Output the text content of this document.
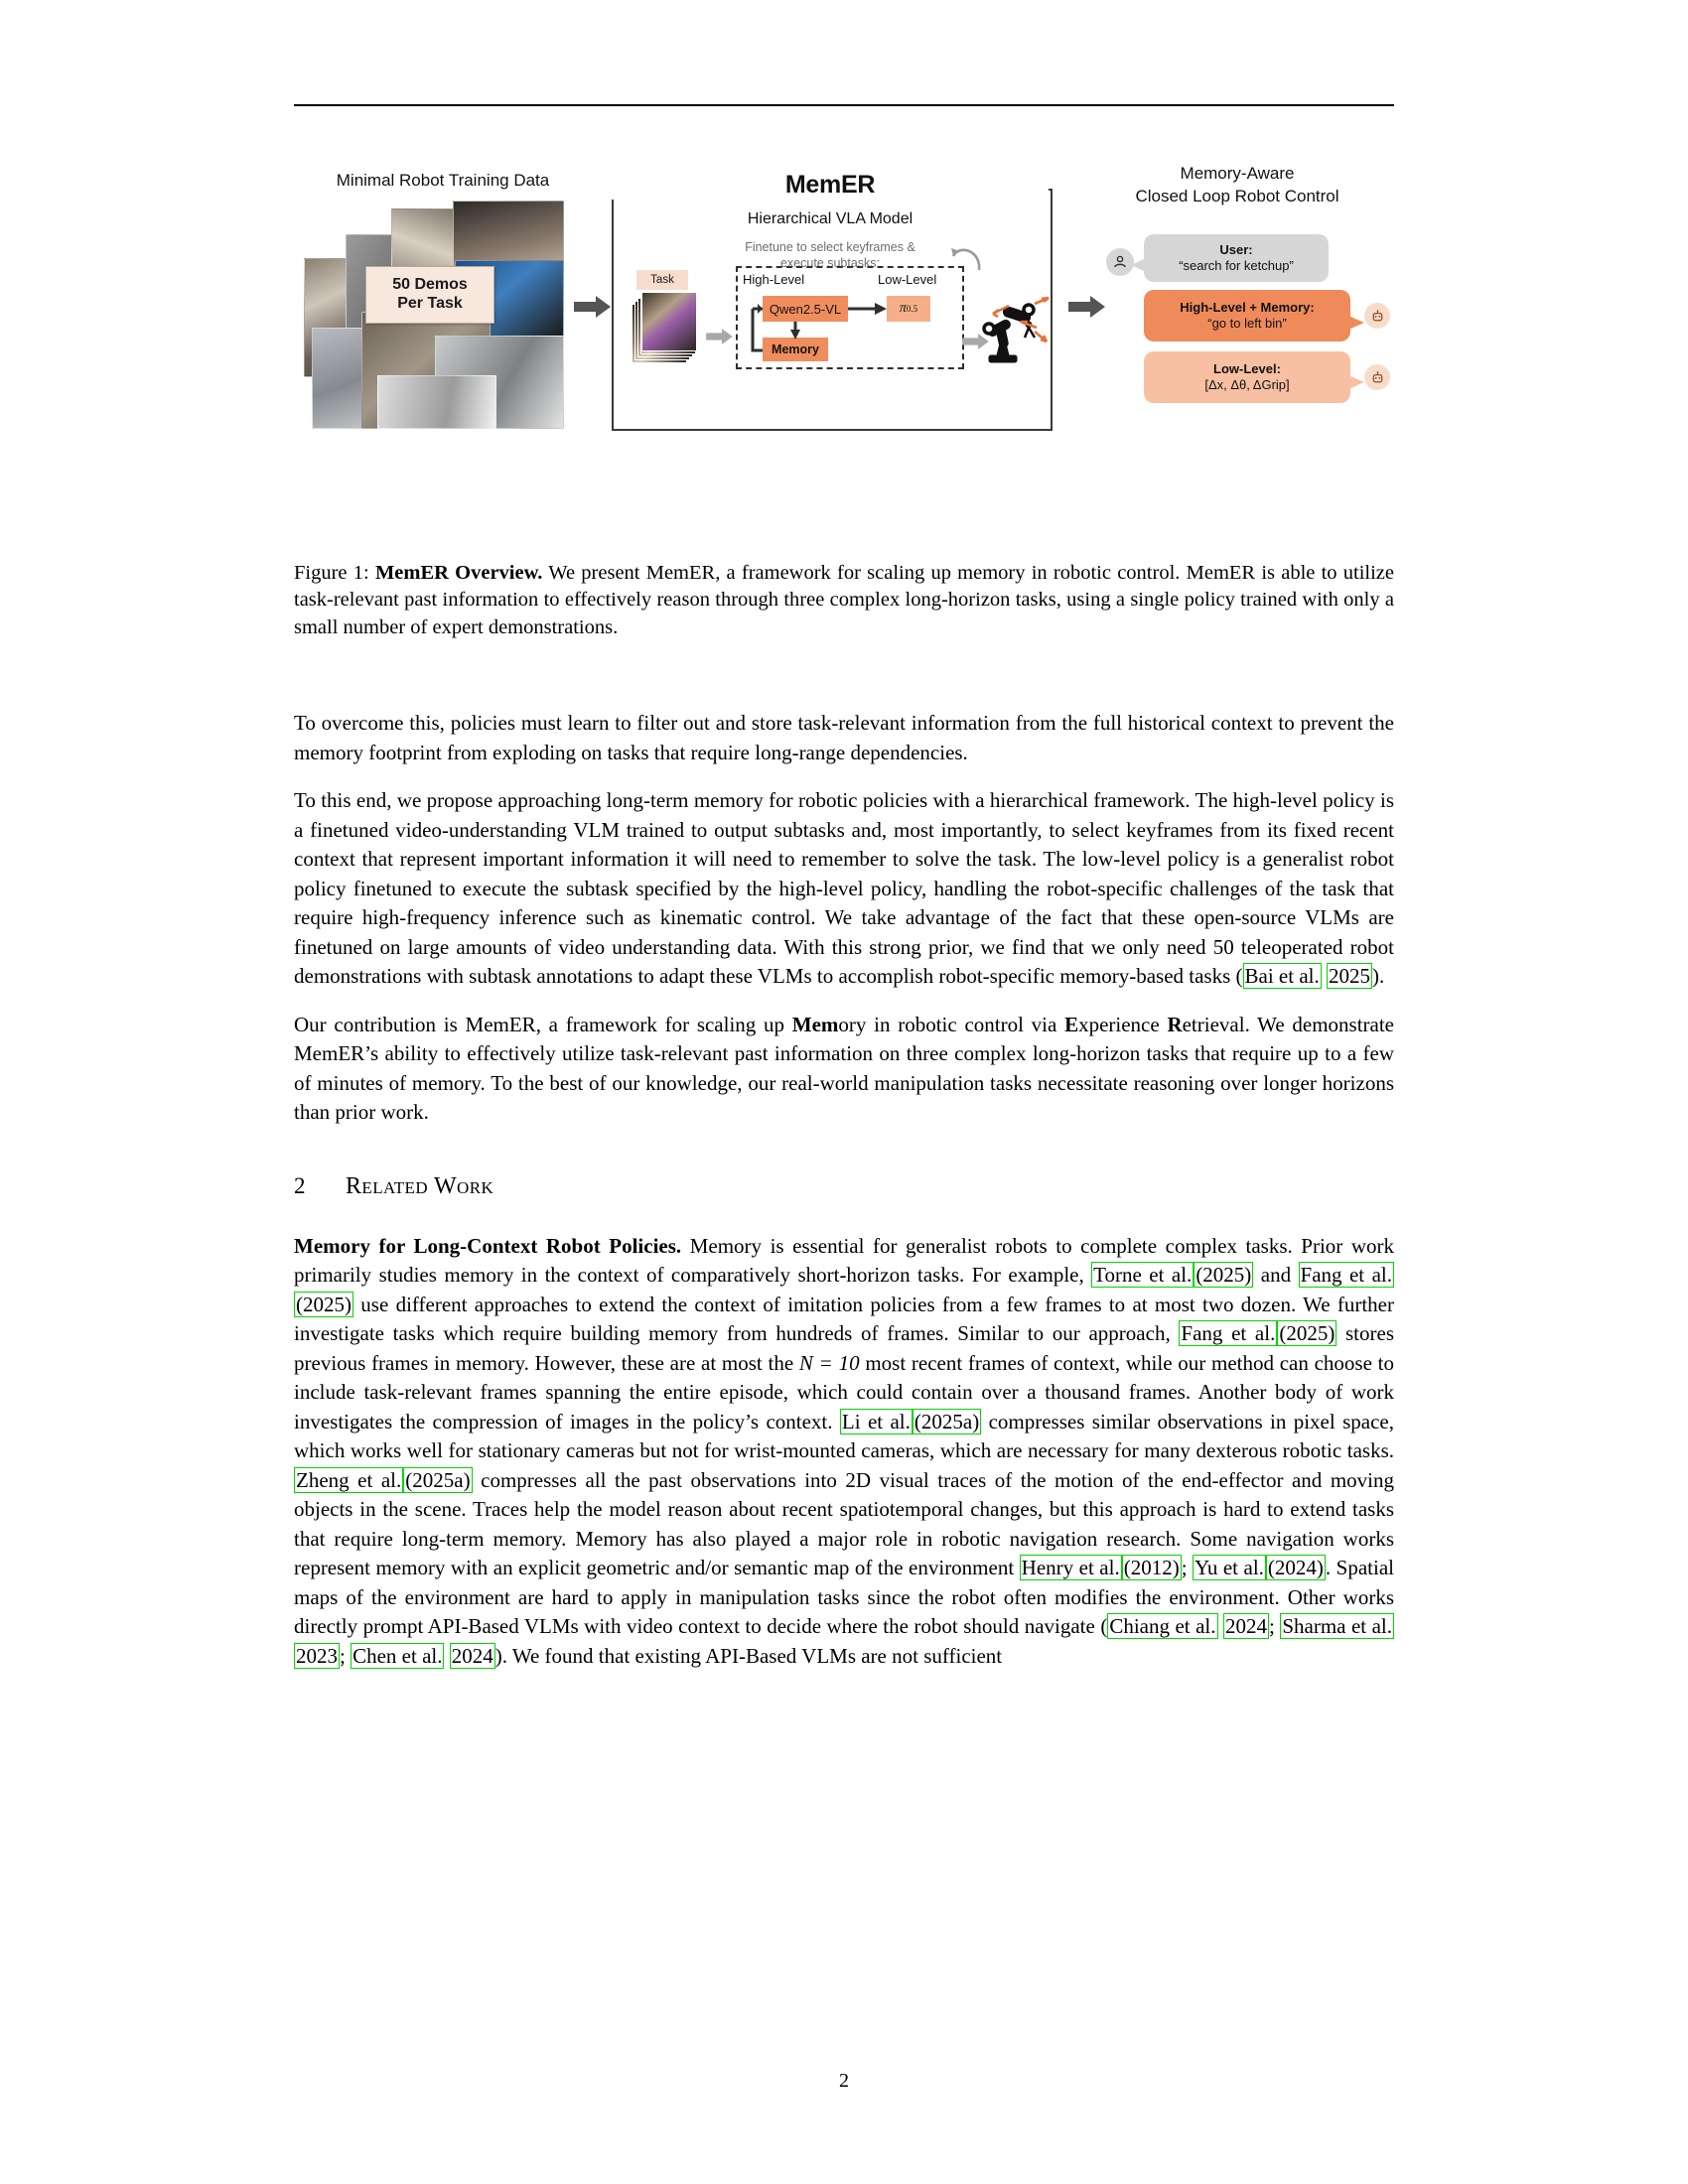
Minimal Robot Training Data
50 Demos
Per Task
MemER
Hierarchical VLA Model
Finetune to select keyframes &
execute subtasks:
Task	High-Level	Low-Level
Qwen2.5-VL
Memory
π 0.5
Memory-Aware
Closed Loop Robot Control
User:
“search for ketchup”
High-Level + Memory:
“go to left bin”
Low-Level:
[Δx, Δθ, ΔGrip]
Figure 1: MemER Overview. We present MemER, a framework for scaling up memory in robotic control. MemER is able to utilize task-relevant past information to effectively reason through three complex long-horizon tasks, using a single policy trained with only a small number of expert demonstrations.

To overcome this, policies must learn to filter out and store task-relevant information from the full historical context to prevent the memory footprint from exploding on tasks that require long-range dependencies.

To this end, we propose approaching long-term memory for robotic policies with a hierarchical framework. The high-level policy is a finetuned video-understanding VLM trained to output subtasks and, most importantly, to select keyframes from its fixed recent context that represent important information it will need to remember to solve the task. The low-level policy is a generalist robot policy finetuned to execute the subtask specified by the high-level policy, handling the robot-specific challenges of the task that require high-frequency inference such as kinematic control. We take advantage of the fact that these open-source VLMs are finetuned on large amounts of video understanding data. With this strong prior, we find that we only need 50 teleoperated robot demonstrations with subtask annotations to adapt these VLMs to accomplish robot-specific memory-based tasks (Bai et al. 2025).

Our contribution is MemER, a framework for scaling up Memory in robotic control via Experience Retrieval. We demonstrate MemER’s ability to effectively utilize task-relevant past information on three complex long-horizon tasks that require up to a few of minutes of memory. To the best of our knowledge, our real-world manipulation tasks necessitate reasoning over longer horizons than prior work.

2	Related Work

Memory for Long-Context Robot Policies. Memory is essential for generalist robots to complete complex tasks. Prior work primarily studies memory in the context of comparatively short-horizon tasks. For example, Torne et al. (2025) and Fang et al.(2025) use different approaches to extend the context of imitation policies from a few frames to at most two dozen. We further investigate tasks which require building memory from hundreds of frames. Similar to our approach, Fang et al. (2025) stores previous frames in memory. However, these are at most the N = 10 most recent frames of context, while our method can choose to include task-relevant frames spanning the entire episode, which could contain over a thousand frames. Another body of work investigates the compression of images in the policy’s context. Li et al. (2025a) compresses similar observations in pixel space, which works well for stationary cameras but not for wrist-mounted cameras, which are necessary for many dexterous robotic tasks. Zheng et al. (2025a) compresses all the past observations into 2D visual traces of the motion of the end-effector and moving objects in the scene. Traces help the model reason about recent spatiotemporal changes, but this approach is hard to extend tasks that require long-term memory. Memory has also played a major role in robotic navigation research. Some navigation works represent memory with an explicit geometric and/or semantic map of the environment Henry et al. (2012); Yu et al. (2024). Spatial maps of the environment are hard to apply in manipulation tasks since the robot often modifies the environment. Other works directly prompt API-Based VLMs with video context to decide where the robot should navigate (Chiang et al. 2024; Sharma et al. 2023; Chen et al. 2024). We found that existing API-Based VLMs are not sufficient

2
